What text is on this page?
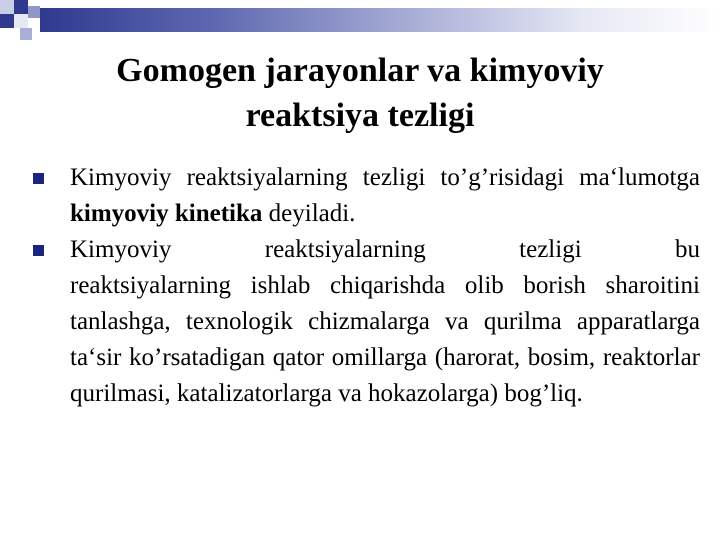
Gomogen jarayonlar va kimyoviy
reaktsiya tezligi

Kimyoviy reaktsiyalarning tezligi to’g’risidagi ma‘lumotga kimyoviy kinetika deyiladi.

Kimyoviy reaktsiyalarning tezligi bu

reaktsiyalarning ishlab chiqarishda olib borish sharoitini tanlashga, texnologik chizmalarga va qurilma apparatlarga ta‘sir ko’rsatadigan qator omillarga (harorat, bosim, reaktorlar qurilmasi, katalizatorlarga va hokazolarga) bog’liq.
